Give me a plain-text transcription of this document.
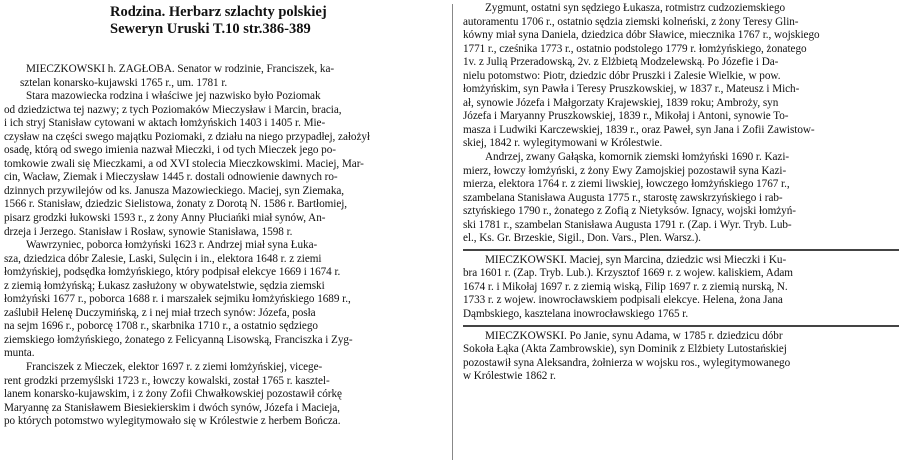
Rodzina. Herbarz szlachty polskiej
Seweryn Uruski T.10 str.386-389
MIECZKOWSKI h. ZAGŁOBA. Senator w rodzinie, Franciszek, ka-
sztelan konarsko-kujawski 1765 r., um. 1781 r.
Stara mazowiecka rodzina i właściwe jej nazwisko było Poziomak
od dziedzictwa tej nazwy; z tych Poziomaków Mieczysław i Marcin, bracia,
i ich stryj Stanisław cytowani w aktach łomżyńskich 1403 i 1405 r. Mie-
czysław na części swego majątku Poziomaki, z działu na niego przypadłej, założył
osadę, którą od swego imienia nazwał Mieczki, i od tych Mieczek jego po-
tomkowie zwali się Mieczkami, a od XVI stolecia Mieczkowskimi. Maciej, Mar-
cin, Wacław, Ziemak i Mieczysław 1445 r. dostali odnowienie dawnych ro-
dzinnych przywilejów od ks. Janusza Mazowieckiego. Maciej, syn Ziemaka,
1566 r. Stanisław, dziedzic Sielistowa, żonaty z Dorotą N. 1586 r. Bartłomiej,
pisarz grodzki łukowski 1593 r., z żony Anny Płuciańki miał synów, An-
drzeja i Jerzego. Stanisław i Rosław, synowie Stanisława, 1598 r.
Wawrzyniec, poborca łomżyński 1623 r. Andrzej miał syna Łuka-
sza, dziedzica dóbr Zalesie, Laski, Sulęcin i in., elektora 1648 r. z ziemi
łomżyńskiej, podsędka łomżyńskiego, który podpisał elekcye 1669 i 1674 r.
z ziemią łomżyńską; Łukasz zasłużony w obywatelstwie, sędzia ziemski
łomżyński 1677 r., poborca 1688 r. i marszałek sejmiku łomżyńskiego 1689 r.,
zaślubił Helenę Duczymińską, z i nej miał trzech synów: Józefa, posła
na sejm 1696 r., poborcę 1708 r., skarbnika 1710 r., a ostatnio sędziego
ziemskiego łomżyńskiego, żonatego z Felicyanną Lisowską, Franciszka i Zyg-
munta.
Franciszek z Mieczek, elektor 1697 r. z ziemi łomżyńskiej, vicege-
rent grodzki przemyślski 1723 r., łowczy kowalski, został 1765 r. kasztel-
lanem konarsko-kujawskim, i z żony Zofii Chwałkowskiej pozostawił córkę
Maryannę za Stanisławem Biesiekierskim i dwóch synów, Józefa i Macieja,
po których potomstwo wylegitymowało się w Królestwie z herbem Bończa.
Zygmunt, ostatni syn sędziego Łukasza, rotmistrz cudzoziemskiego
autoramentu 1706 r., ostatnio sędzia ziemski kolneński, z żony Teresy Glin-
kówny miał syna Daniela, dziedzica dóbr Sławice, miecznika 1767 r., wojskiego
1771 r., cześnika 1773 r., ostatnio podstolego 1779 r. łomżyńskiego, żonatego
1v. z Julią Przeradowską, 2v. z Elżbietą Modzelewską. Po Józefie i Da-
nielu potomstwo: Piotr, dziedzic dóbr Pruszki i Zalesie Wielkie, w pow.
łomżyńskim, syn Pawła i Teresy Pruszkowskiej, w 1837 r., Mateusz i Mich-
ał, synowie Józefa i Małgorzaty Krajewskiej, 1839 roku; Ambroży, syn
Józefa i Maryanny Pruszkowskiej, 1839 r., Mikołaj i Antoni, synowie To-
masza i Ludwiki Karczewskiej, 1839 r., oraz Paweł, syn Jana i Zofii Zawistow-
skiej, 1842 r. wylegitymowani w Królestwie.
Andrzej, zwany Gałąska, komornik ziemski łomżyński 1690 r. Kazi-
mierz, łowczy łomżyński, z żony Ewy Zamojskiej pozostawił syna Kazi-
mierza, elektora 1764 r. z ziemi liwskiej, łowczego łomżyńskiego 1767 r.,
szambelana Stanisława Augusta 1775 r., starostę zawskrzyńskiego i rab-
sztyńskiego 1790 r., żonatego z Zofią z Nietyksów. Ignacy, wojski łomżyń-
ski 1781 r., szambelan Stanisława Augusta 1791 r. (Zap. i Wyr. Tryb. Lub-
el., Ks. Gr. Brzeskie, Sigil., Don. Vars., Plen. Warsz.).
MIECZKOWSKI. Maciej, syn Marcina, dziedzic wsi Mieczki i Ku-
bra 1601 r. (Zap. Tryb. Lub.). Krzysztof 1669 r. z wojew. kaliskiem, Adam
1674 r. i Mikołaj 1697 r. z ziemią wiską, Filip 1697 r. z ziemią nurską, N.
1733 r. z wojew. inowrocławskiem podpisali elekcye. Helena, żona Jana
Dąmbskiego, kasztelana inowrocławskiego 1765 r.
MIECZKOWSKI. Po Janie, synu Adama, w 1785 r. dziedzicu dóbr
Sokoła Łąka (Akta Zambrowskie), syn Dominik z Elżbiety Lutostańskiej
pozostawił syna Aleksandra, żołnierza w wojsku ros., wylegitymowanego
w Królestwie 1862 r.
